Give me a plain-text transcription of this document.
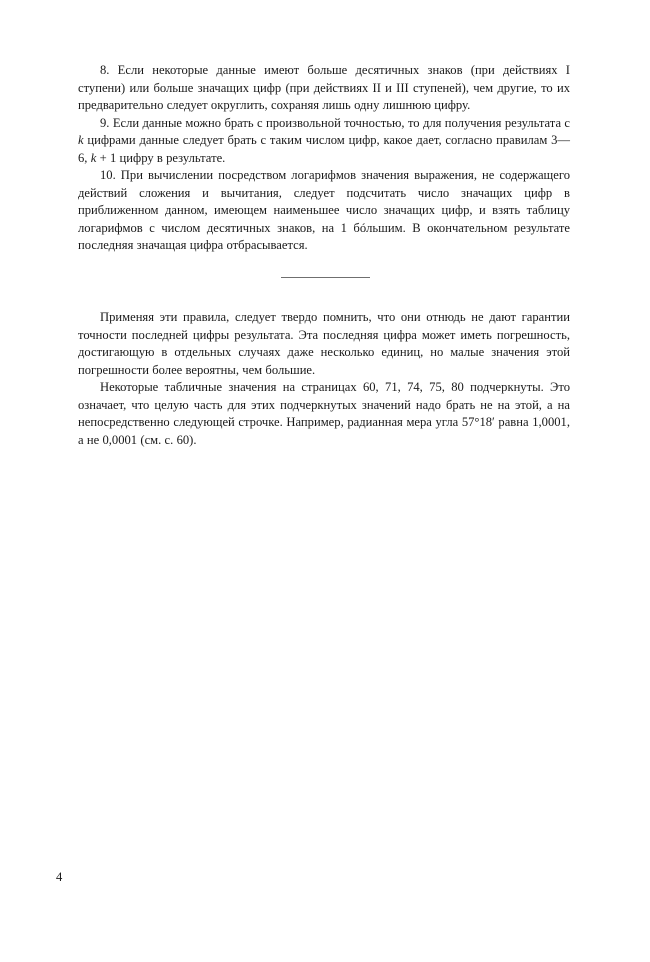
8. Если некоторые данные имеют больше десятичных знаков (при действиях I ступени) или больше значащих цифр (при действиях II и III ступеней), чем другие, то их предварительно следует округлить, сохраняя лишь одну лишнюю цифру.

9. Если данные можно брать с произвольной точностью, то для получения результата с k цифрами данные следует брать с таким числом цифр, какое дает, согласно правилам 3—6, k + 1 цифру в результате.

10. При вычислении посредством логарифмов значения выражения, не содержащего действий сложения и вычитания, следует подсчитать число значащих цифр в приближенном данном, имеющем наименьшее число значащих цифр, и взять таблицу логарифмов с числом десятичных знаков, на 1 бóльшим. В окончательном результате последняя значащая цифра отбрасывается.

Применяя эти правила, следует твердо помнить, что они отнюдь не дают гарантии точности последней цифры результата. Эта последняя цифра может иметь погрешность, достигающую в отдельных случаях даже несколько единиц, но малые значения этой погрешности более вероятны, чем большие.

Некоторые табличные значения на страницах 60, 71, 74, 75, 80 подчеркнуты. Это означает, что целую часть для этих подчеркнутых значений надо брать не на этой, а на непосредственно следующей строчке. Например, радианная мера угла 57°18′ равна 1,0001, а не 0,0001 (см. с. 60).

4
